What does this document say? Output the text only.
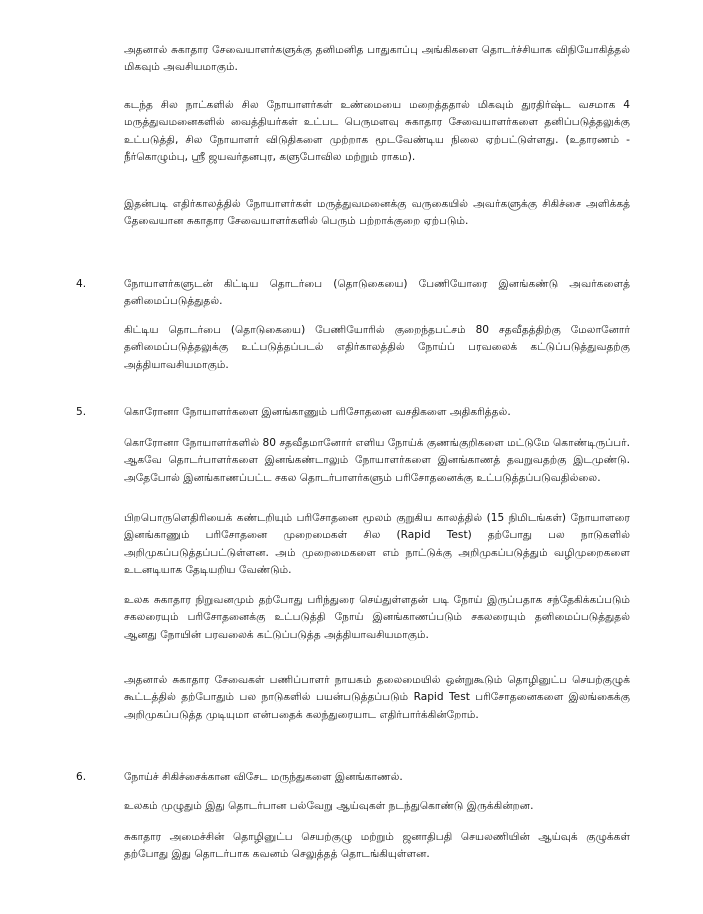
அதனால் சுகாதார சேவையாளர்களுக்கு தனிமனித பாதுகாப்பு அங்கிகளை தொடர்ச்சியாக விநியோகித்தல் மிகவும் அவசியமாகும்.

கடந்த சில நாட்களில் சில நோயாளர்கள் உண்மையை மறைத்ததால் மிகவும் துரதிர்ஷ்ட வசமாக 4 மருத்துவமனைகளில் வைத்தியர்கள் உட்பட பெருமளவு சுகாதார சேவையாளர்களை தனிப்படுத்தலுக்கு உட்படுத்தி, சில நோயாளர் விடுதிகளை முற்றாக மூடவேண்டிய நிலை ஏற்பட்டுள்ளது. (உதாரணம் - நீர்கொழும்பு, ஸ்ரீ ஜயவர்தனபுர, களுபோவில மற்றும் ராகம).

இதன்படி எதிர்காலத்தில் நோயாளர்கள் மருத்துவமனைக்கு வருகையில் அவர்களுக்கு சிகிச்சை அளிக்கத் தேவையான சுகாதார சேவையாளர்களில் பெரும் பற்றாக்குறை ஏற்படும்.

4.	நோயாளர்களுடன் கிட்டிய தொடர்பை (தொடுகையை) பேணியோரை இனங்கண்டு அவர்களைத் தனிமைப்படுத்துதல்.

கிட்டிய தொடர்பை (தொடுகையை) பேணியோரில் குறைந்தபட்சம் 80 சதவீதத்திற்கு மேலானோர் தனிமைப்படுத்தலுக்கு உட்படுத்தப்படல் எதிர்காலத்தில் நோய்ப் பரவலைக் கட்டுப்படுத்துவதற்கு அத்தியாவசியமாகும்.

5.	கொரோனா நோயாளர்களை இனங்காணும் பரிசோதனை வசதிகளை அதிகரித்தல்.

கொரோனா நோயாளர்களில் 80 சதவீதமானோர் எளிய நோய்க் குணங்குறிகளை மட்டுமே கொண்டிருப்பர். ஆகவே தொடர்பாளர்களை இனங்கண்டாலும் நோயாளர்களை இனங்காணத் தவறுவதற்கு இடமுண்டு. அதேபோல் இனங்காணப்பட்ட சகல தொடர்பாளர்களும் பரிசோதனைக்கு உட்படுத்தப்படுவதில்லை.

பிறபொருளெதிரியைக் கண்டறியும் பரிசோதனை மூலம் குறுகிய காலத்தில் (15 நிமிடங்கள்) நோயாளரை இனங்காணும் பரிசோதனை முறைமைகள் சில (Rapid Test) தற்போது பல நாடுகளில் அறிமுகப்படுத்தப்பட்டுள்ளன. அம் முறைமைகளை எம் நாட்டுக்கு அறிமுகப்படுத்தும் வழிமுறைகளை உடனடியாக தேடியறிய வேண்டும்.

உலக சுகாதார நிறுவனமும் தற்போது பரிந்துரை செய்துள்ளதன் படி நோய் இருப்பதாக சந்தேகிக்கப்படும் சகலரையும் பரிசோதனைக்கு உட்படுத்தி நோய் இனங்காணப்படும் சகலரையும் தனிமைப்படுத்துதல் ஆனது நோயின் பரவலைக் கட்டுப்படுத்த அத்தியாவசியமாகும்.

அதனால் சுகாதார சேவைகள் பணிப்பாளர் நாயகம் தலைமையில் ஒன்றுகூடும் தொழினுட்ப செயற்குழுக் கூட்டத்தில் தற்போதும் பல நாடுகளில் பயன்படுத்தப்படும் Rapid Test பரிசோதனைகளை இலங்கைக்கு அறிமுகப்படுத்த முடியுமா என்பதைக் கலந்துரையாட எதிர்பார்க்கின்றோம்.

6.	நோய்ச் சிகிச்சைக்கான விசேட மருந்துகளை இனங்காணல்.

உலகம் முழுதும் இது தொடர்பான பல்வேறு ஆய்வுகள் நடந்துகொண்டு இருக்கின்றன.

சுகாதார அமைச்சின் தொழினுட்ப செயற்குழு மற்றும் ஜனாதிபதி செயலணியின் ஆய்வுக் குழுக்கள் தற்போது இது தொடர்பாக கவனம் செலுத்தத் தொடங்கியுள்ளன.
